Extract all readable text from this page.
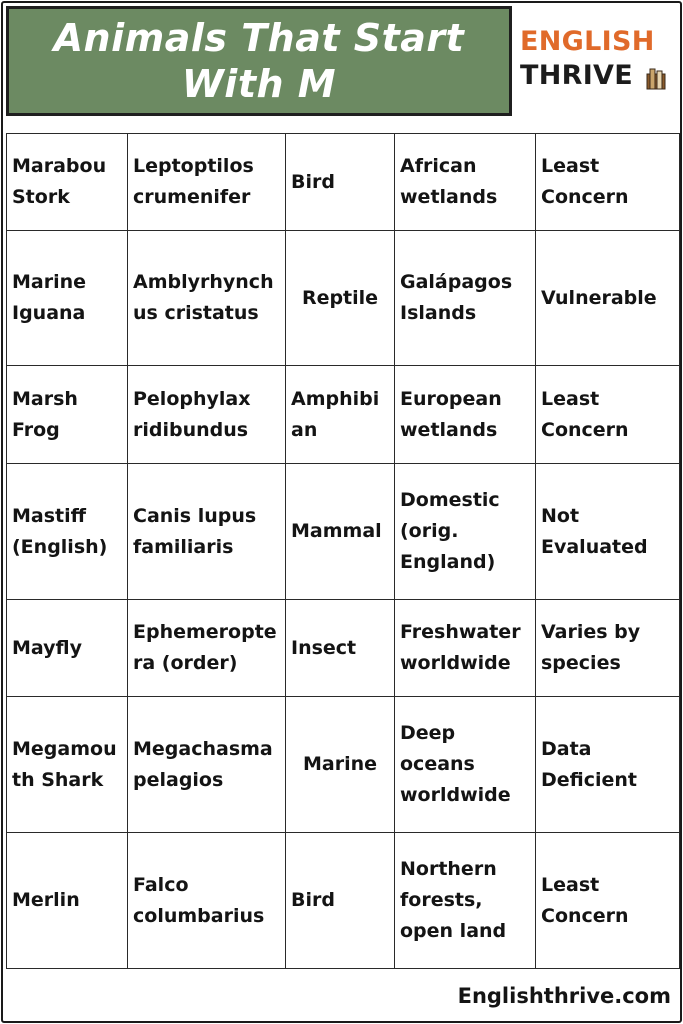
Animals That Start With M
ENGLISH
THRIVE
Marabou Stork	Leptoptilos crumenifer	Bird	African wetlands	Least Concern
Marine Iguana	Amblyrhynchus cristatus	Reptile	Galápagos Islands	Vulnerable
Marsh Frog	Pelophylax ridibundus	Amphibian	European wetlands	Least Concern
Mastiff (English)	Canis lupus familiaris	Mammal	Domestic (orig. England)	Not Evaluated
Mayfly	Ephemeroptera (order)	Insect	Freshwater worldwide	Varies by species
Megamouth Shark	Megachasma pelagios	Marine	Deep oceans worldwide	Data Deficient
Merlin	Falco columbarius	Bird	Northern forests, open land	Least Concern
Englishthrive.com
